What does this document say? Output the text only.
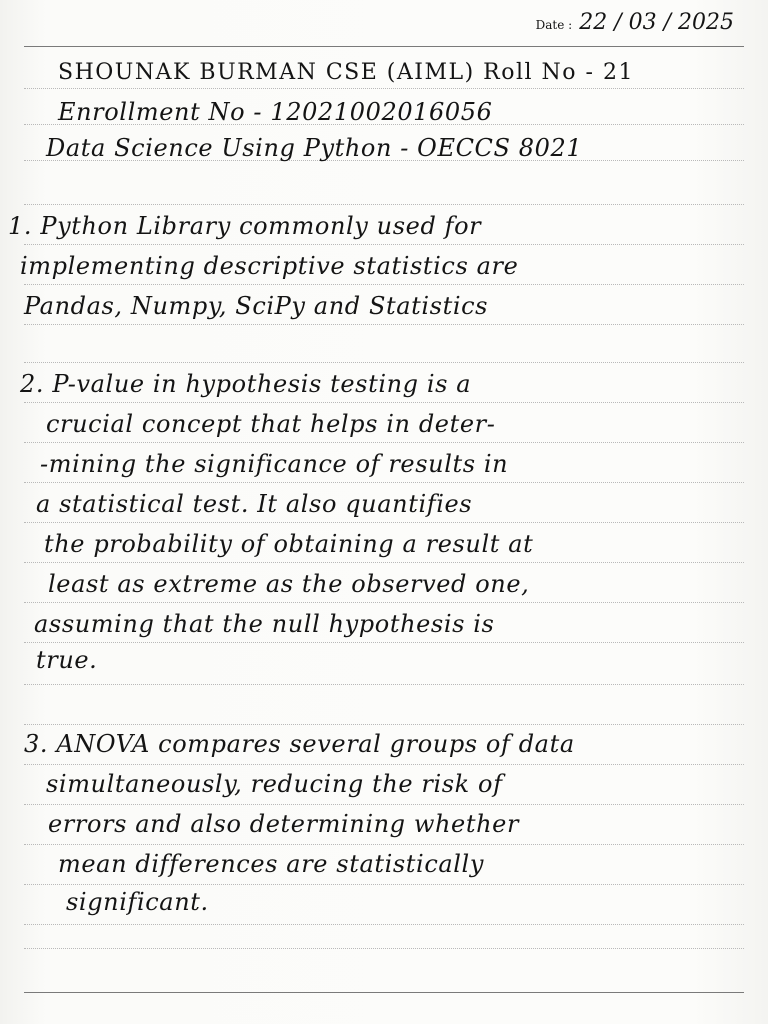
Date : 22 / 03 / 2025
SHOUNAK BURMAN CSE (AIML) Roll No - 21
Enrollment No - 12021002016056
Data Science Using Python - OECCS 8021
1. Python Library commonly used for
implementing descriptive statistics are
Pandas, Numpy, SciPy and Statistics
2. P-value in hypothesis testing is a
crucial concept that helps in deter-
-mining the significance of results in
a statistical test. It also quantifies
the probability of obtaining a result at
least as extreme as the observed one,
assuming that the null hypothesis is
true.
3. ANOVA compares several groups of data
simultaneously, reducing the risk of
errors and also determining whether
mean differences are statistically
significant.
